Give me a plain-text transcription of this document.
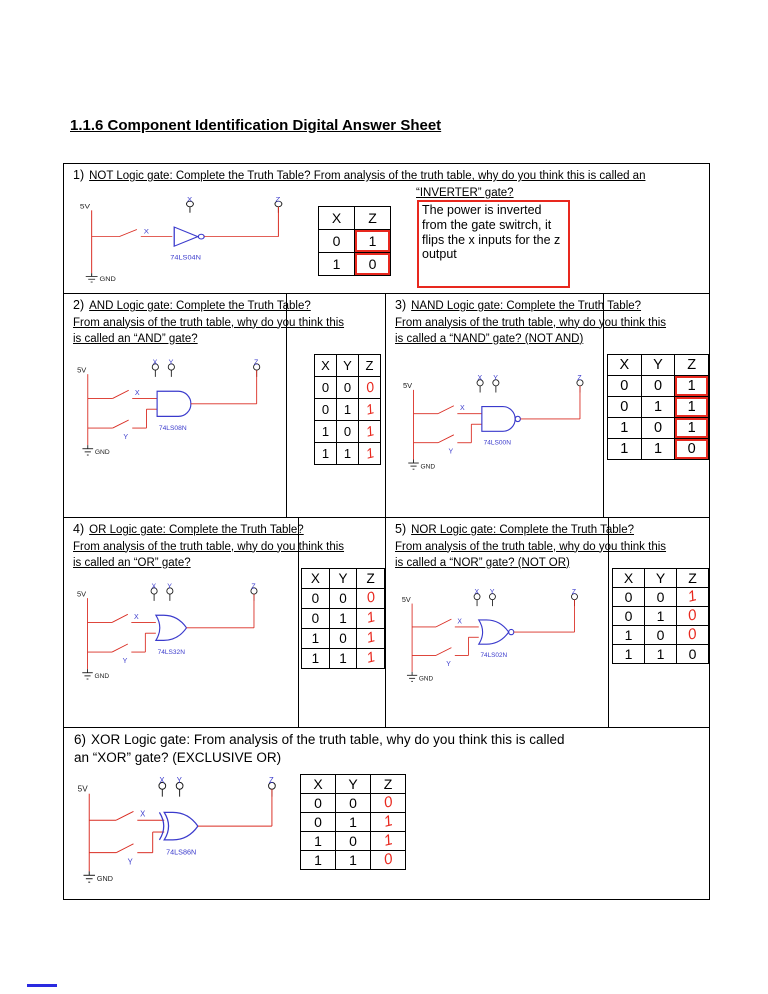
1.1.6 Component Identification Digital Answer Sheet
1) NOT Logic gate: Complete the Truth Table? From analysis of the truth table, why do you think this is called an
“INVERTER” gate?
5V
GND
X	Z
X
74LS04N
X	Z
0	1
1	0
The power is inverted from the gate switrch, it flips the x inputs for the z output
2) AND Logic gate: Complete the Truth Table?
From analysis of the truth table, why do you think this
is called an “AND” gate?
5V
GND
X Y	Z
X
Y
74LS08N
X	Y	Z
0	0	0
0	1	1
1	0	1
1	1	1
3) NAND Logic gate: Complete the Truth Table?
From analysis of the truth table, why do you think this
is called a “NAND” gate? (NOT AND)
5V
GND
X Y	Z
X
Y
74LS00N
X	Y	Z
0	0	1
0	1	1
1	0	1
1	1	0
4) OR Logic gate: Complete the Truth Table?
From analysis of the truth table, why do you think this
is called an “OR” gate?
5V
GND
X Y	Z
X
Y
74LS32N
X	Y	Z
0	0	0
0	1	1
1	0	1
1	1	1
5) NOR Logic gate: Complete the Truth Table?
From analysis of the truth table, why do you think this
is called a “NOR” gate? (NOT OR)
5V
GND
X Y	Z
X
Y
74LS02N
X	Y	Z
0	0	1
0	1	0
1	0	0
1	1	0
6) XOR Logic gate: From analysis of the truth table, why do you think this is called
an “XOR” gate? (EXCLUSIVE OR)
5V
GND
X Y	Z
X
Y
74LS86N
X	Y	Z
0	0	0
0	1	1
1	0	1
1	1	0
